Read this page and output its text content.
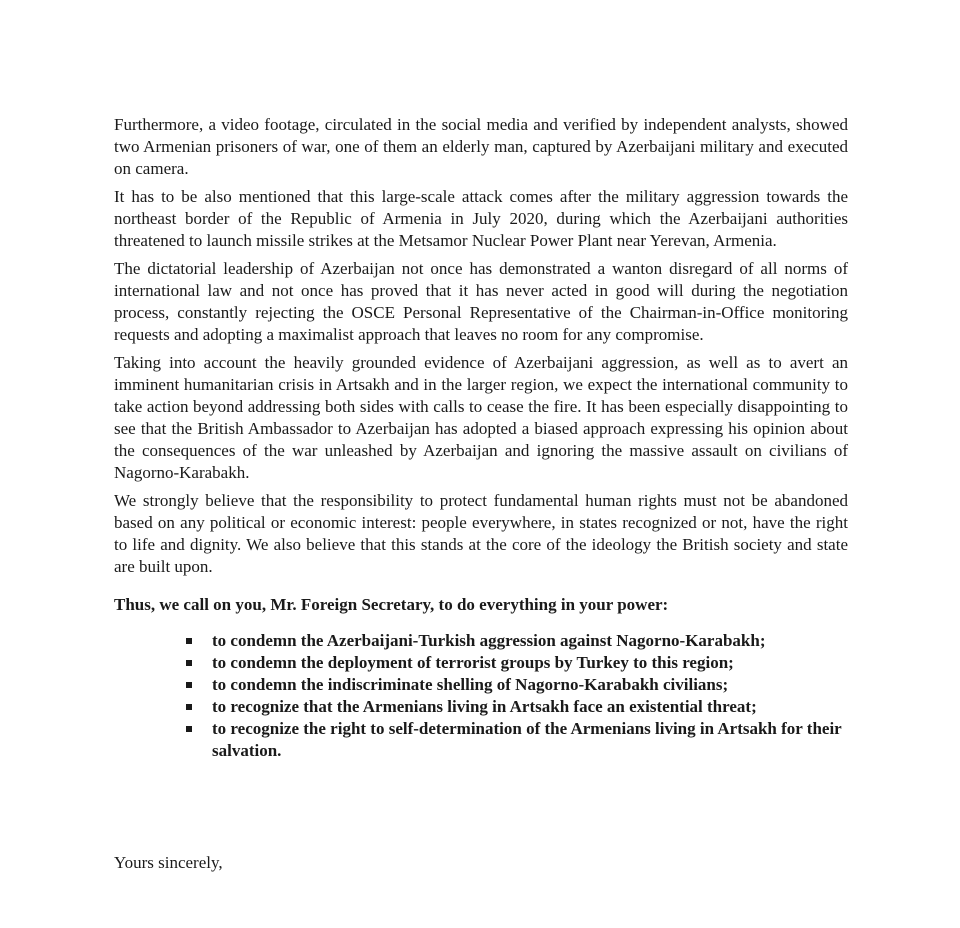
Furthermore, a video footage, circulated in the social media and verified by independent analysts, showed two Armenian prisoners of war, one of them an elderly man, captured by Azerbaijani military and executed on camera.

It has to be also mentioned that this large-scale attack comes after the military aggression towards the northeast border of the Republic of Armenia in July 2020, during which the Azerbaijani authorities threatened to launch missile strikes at the Metsamor Nuclear Power Plant near Yerevan, Armenia.

The dictatorial leadership of Azerbaijan not once has demonstrated a wanton disregard of all norms of international law and not once has proved that it has never acted in good will during the negotiation process, constantly rejecting the OSCE Personal Representative of the Chairman-in-Office monitoring requests and adopting a maximalist approach that leaves no room for any compromise.

Taking into account the heavily grounded evidence of Azerbaijani aggression, as well as to avert an imminent humanitarian crisis in Artsakh and in the larger region, we expect the international community to take action beyond addressing both sides with calls to cease the fire. It has been especially disappointing to see that the British Ambassador to Azerbaijan has adopted a biased approach expressing his opinion about the consequences of the war unleashed by Azerbaijan and ignoring the massive assault on civilians of Nagorno-Karabakh.

We strongly believe that the responsibility to protect fundamental human rights must not be abandoned based on any political or economic interest: people everywhere, in states recognized or not, have the right to life and dignity. We also believe that this stands at the core of the ideology the British society and state are built upon.

Thus, we call on you, Mr. Foreign Secretary, to do everything in your power:

to condemn the Azerbaijani-Turkish aggression against Nagorno-Karabakh;
to condemn the deployment of terrorist groups by Turkey to this region;
to condemn the indiscriminate shelling of Nagorno-Karabakh civilians;
to recognize that the Armenians living in Artsakh face an existential threat;
to recognize the right to self-determination of the Armenians living in Artsakh for their salvation.
Yours sincerely,
